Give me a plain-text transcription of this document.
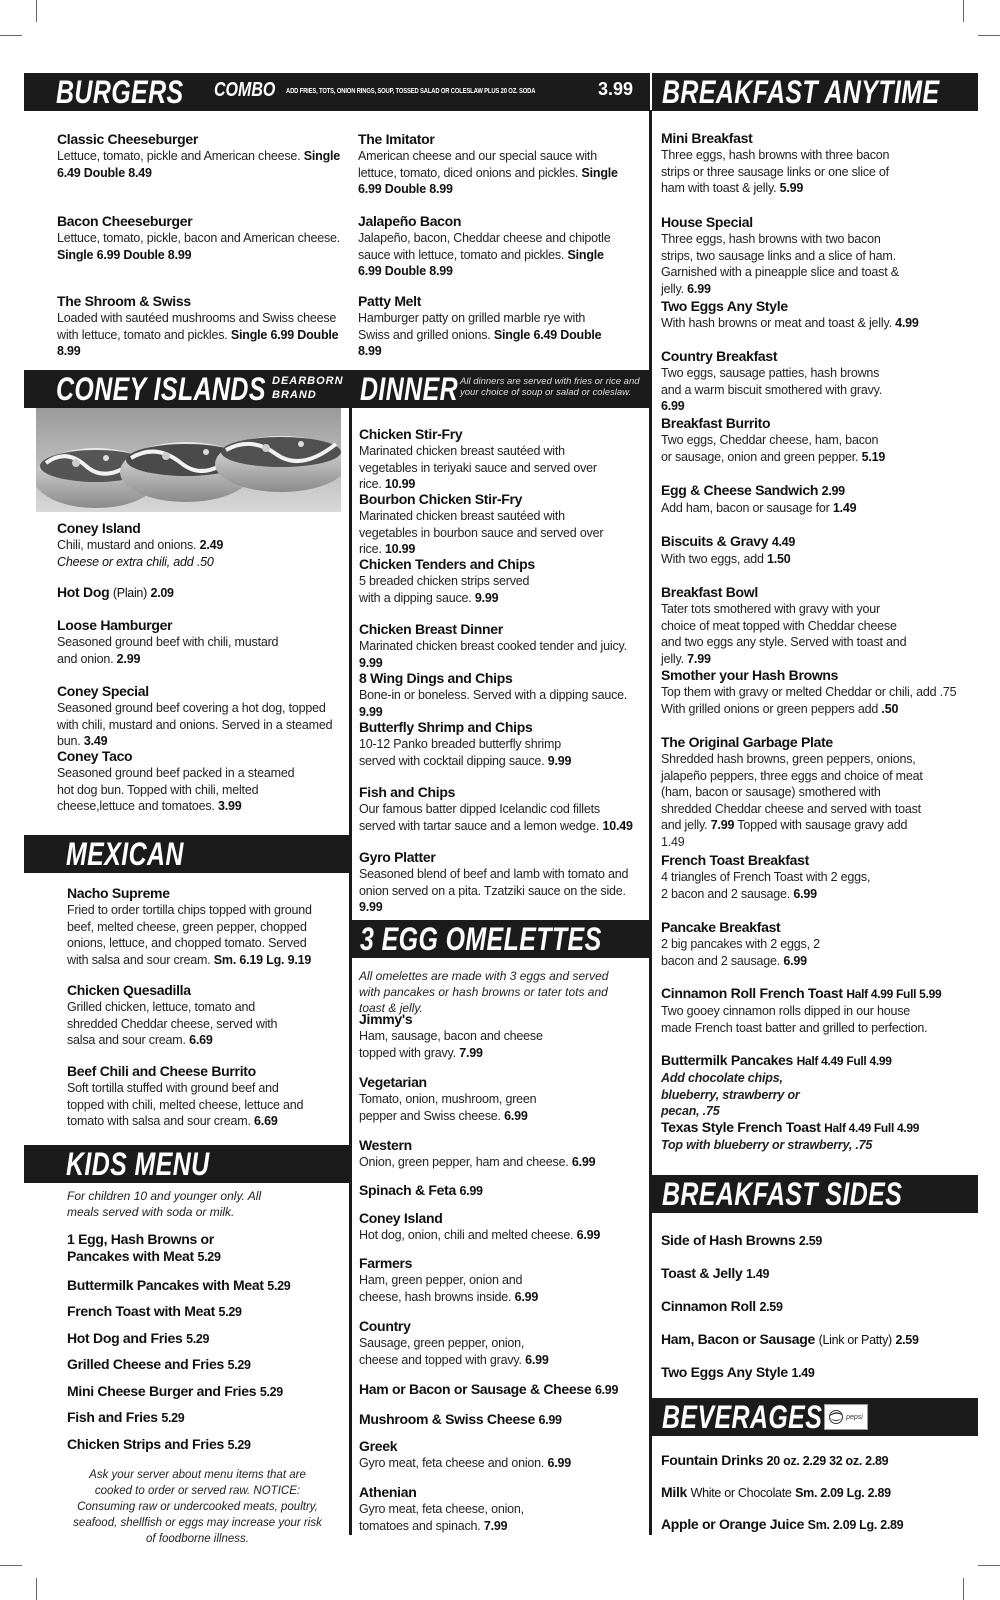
BURGERS COMBO ADD FRIES, TOTS, ONION RINGS, SOUP, TOSSED SALAD OR COLESLAW PLUS 20 OZ. SODA	3.99 BREAKFAST ANYTIME
Classic Cheeseburger
Lettuce, tomato, pickle and American cheese. Single 6.49 Double 8.49
Bacon Cheeseburger
Lettuce, tomato, pickle, bacon and American cheese. Single 6.99 Double 8.99
The Shroom & Swiss
Loaded with sautéed mushrooms and Swiss cheese with lettuce, tomato and pickles. Single 6.99 Double 8.99
The Imitator
American cheese and our special sauce with lettuce, tomato, diced onions and pickles. Single 6.99 Double 8.99
Jalapeño Bacon
Jalapeño, bacon, Cheddar cheese and chipotle sauce with lettuce, tomato and pickles. Single 6.99 Double 8.99
Patty Melt
Hamburger patty on grilled marble rye with Swiss and grilled onions. Single 6.49 Double 8.99
CONEY ISLANDS DEARBORN BRAND
Coney Island
Chili, mustard and onions. 2.49
Cheese or extra chili, add .50
Hot Dog (Plain) 2.09
Loose Hamburger
Seasoned ground beef with chili, mustard and onion. 2.99
Coney Special
Seasoned ground beef covering a hot dog, topped with chili, mustard and onions. Served in a steamed bun. 3.49
Coney Taco
Seasoned ground beef packed in a steamed hot dog bun. Topped with chili, melted cheese,lettuce and tomatoes. 3.99
MEXICAN
Nacho Supreme
Fried to order tortilla chips topped with ground beef, melted cheese, green pepper, chopped onions, lettuce, and chopped tomato. Served with salsa and sour cream. Sm. 6.19 Lg. 9.19
Chicken Quesadilla
Grilled chicken, lettuce, tomato and shredded Cheddar cheese, served with salsa and sour cream. 6.69
Beef Chili and Cheese Burrito
Soft tortilla stuffed with ground beef and topped with chili, melted cheese, lettuce and tomato with salsa and sour cream. 6.69
KIDS MENU
For children 10 and younger only. All meals served with soda or milk.
1 Egg, Hash Browns or Pancakes with Meat 5.29
Buttermilk Pancakes with Meat 5.29
French Toast with Meat 5.29
Hot Dog and Fries 5.29
Grilled Cheese and Fries 5.29
Mini Cheese Burger and Fries 5.29
Fish and Fries 5.29
Chicken Strips and Fries 5.29
Ask your server about menu items that are cooked to order or served raw. NOTICE: Consuming raw or undercooked meats, poultry, seafood, shellfish or eggs may increase your risk of foodborne illness.
DINNER All dinners are served with fries or rice and your choice of soup or salad or coleslaw.
Chicken Stir-Fry
Marinated chicken breast sautéed with vegetables in teriyaki sauce and served over rice. 10.99
Bourbon Chicken Stir-Fry
Marinated chicken breast sautéed with vegetables in bourbon sauce and served over rice. 10.99
Chicken Tenders and Chips
5 breaded chicken strips served with a dipping sauce. 9.99
Chicken Breast Dinner
Marinated chicken breast cooked tender and juicy. 9.99
8 Wing Dings and Chips
Bone-in or boneless. Served with a dipping sauce. 9.99
Butterfly Shrimp and Chips
10-12 Panko breaded butterfly shrimp served with cocktail dipping sauce. 9.99
Fish and Chips
Our famous batter dipped Icelandic cod fillets served with tartar sauce and a lemon wedge. 10.49
Gyro Platter
Seasoned blend of beef and lamb with tomato and onion served on a pita. Tzatziki sauce on the side. 9.99
3 EGG OMELETTES
All omelettes are made with 3 eggs and served with pancakes or hash browns or tater tots and toast & jelly.
Jimmy's
Ham, sausage, bacon and cheese topped with gravy. 7.99
Vegetarian
Tomato, onion, mushroom, green pepper and Swiss cheese. 6.99
Western
Onion, green pepper, ham and cheese. 6.99
Spinach & Feta 6.99
Coney Island
Hot dog, onion, chili and melted cheese. 6.99
Farmers
Ham, green pepper, onion and cheese, hash browns inside. 6.99
Country
Sausage, green pepper, onion, cheese and topped with gravy. 6.99
Ham or Bacon or Sausage & Cheese 6.99
Mushroom & Swiss Cheese 6.99
Greek
Gyro meat, feta cheese and onion. 6.99
Athenian
Gyro meat, feta cheese, onion, tomatoes and spinach. 7.99
Mini Breakfast
Three eggs, hash browns with three bacon strips or three sausage links or one slice of ham with toast & jelly. 5.99
House Special
Three eggs, hash browns with two bacon strips, two sausage links and a slice of ham. Garnished with a pineapple slice and toast & jelly. 6.99
Two Eggs Any Style
With hash browns or meat and toast & jelly. 4.99
Country Breakfast
Two eggs, sausage patties, hash browns and a warm biscuit smothered with gravy. 6.99
Breakfast Burrito
Two eggs, Cheddar cheese, ham, bacon or sausage, onion and green pepper. 5.19
Egg & Cheese Sandwich 2.99
Add ham, bacon or sausage for 1.49
Biscuits & Gravy 4.49
With two eggs, add 1.50
Breakfast Bowl
Tater tots smothered with gravy with your choice of meat topped with Cheddar cheese and two eggs any style. Served with toast and jelly. 7.99
Smother your Hash Browns
Top them with gravy or melted Cheddar or chili, add .75 With grilled onions or green peppers add .50
The Original Garbage Plate
Shredded hash browns, green peppers, onions, jalapeño peppers, three eggs and choice of meat (ham, bacon or sausage) smothered with shredded Cheddar cheese and served with toast and jelly. 7.99 Topped with sausage gravy add 1.49
French Toast Breakfast
4 triangles of French Toast with 2 eggs, 2 bacon and 2 sausage. 6.99
Pancake Breakfast
2 big pancakes with 2 eggs, 2 bacon and 2 sausage. 6.99
Cinnamon Roll French Toast Half 4.99 Full 5.99
Two gooey cinnamon rolls dipped in our house made French toast batter and grilled to perfection.
Buttermilk Pancakes Half 4.49 Full 4.99
Add chocolate chips, blueberry, strawberry or pecan, .75
Texas Style French Toast Half 4.49 Full 4.99
Top with blueberry or strawberry, .75
BREAKFAST SIDES
Side of Hash Browns 2.59
Toast & Jelly 1.49
Cinnamon Roll 2.59
Ham, Bacon or Sausage (Link or Patty) 2.59
Two Eggs Any Style 1.49
BEVERAGES	pepsi
Fountain Drinks 20 oz. 2.29 32 oz. 2.89
Milk White or Chocolate Sm. 2.09 Lg. 2.89
Apple or Orange Juice Sm. 2.09 Lg. 2.89
